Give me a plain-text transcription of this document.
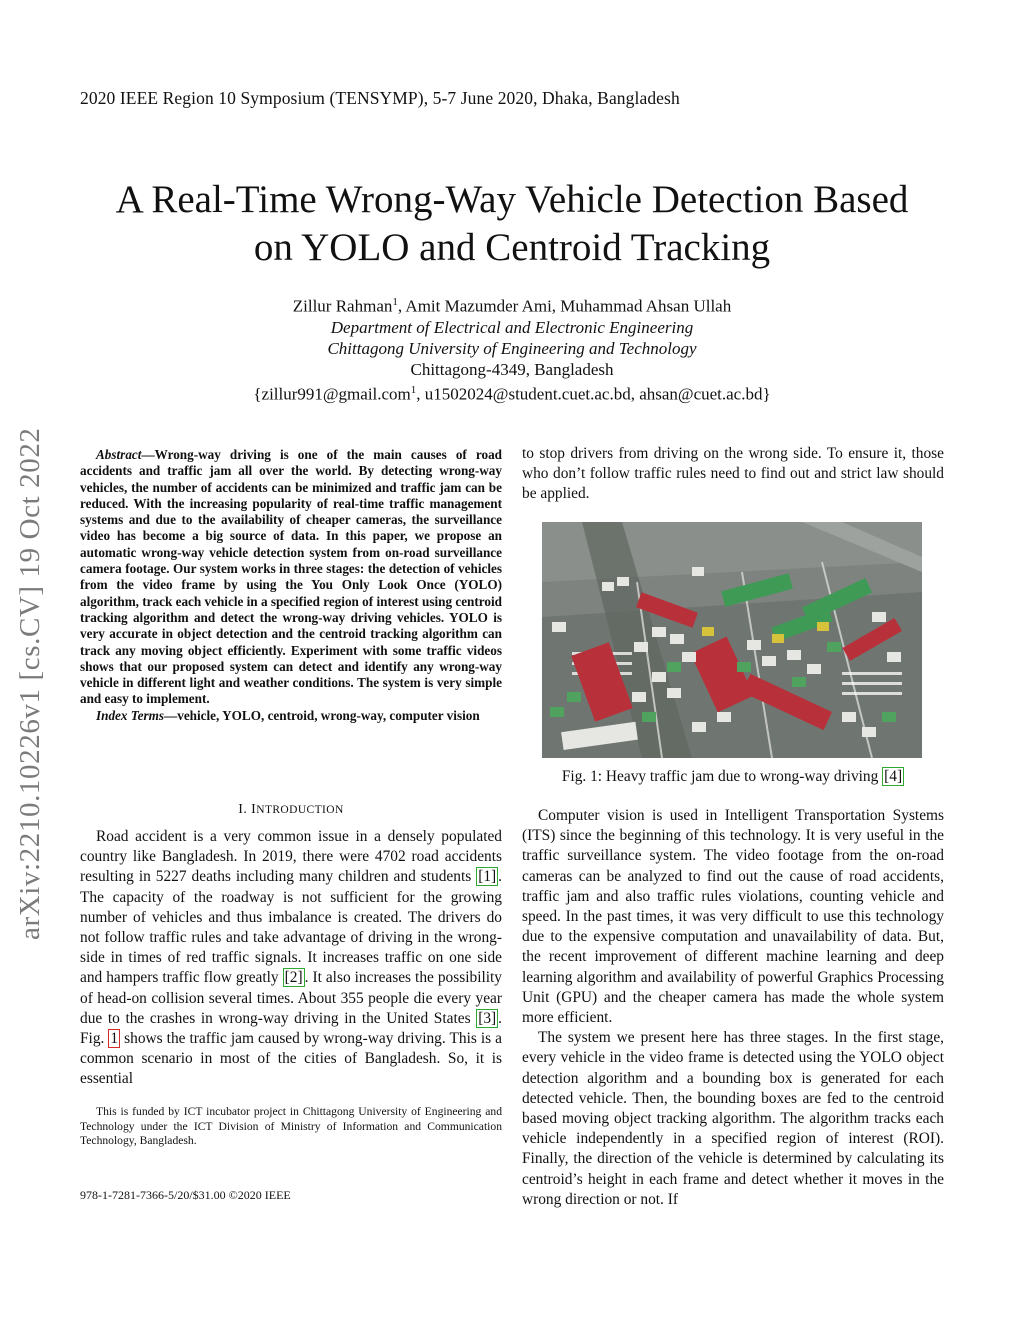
2020 IEEE Region 10 Symposium (TENSYMP), 5-7 June 2020, Dhaka, Bangladesh
A Real-Time Wrong-Way Vehicle Detection Based
on YOLO and Centroid Tracking
Zillur Rahman$^1$, Amit Mazumder Ami, Muhammad Ahsan Ullah
Department of Electrical and Electronic Engineering
Chittagong University of Engineering and Technology
Chittagong-4349, Bangladesh
{zillur991@gmail.com$^1$, u1502024@student.cuet.ac.bd, ahsan@cuet.ac.bd}
arXiv:2210.10226v1 [cs.CV] 19 Oct 2022	Abstract—Wrong-way driving is one of the main causes of road accidents and traffic jam all over the world. By detecting wrong-way vehicles, the number of accidents can be minimized and traffic jam can be reduced. With the increasing popularity of real-time traffic management systems and due to the availability of cheaper cameras, the surveillance video has become a big source of data. In this paper, we propose an automatic wrong-way vehicle detection system from on-road surveillance camera footage. Our system works in three stages: the detection of vehicles from the video frame by using the You Only Look Once (YOLO) algorithm, track each vehicle in a specified region of interest using centroid tracking algorithm and detect the wrong-way driving vehicles. YOLO is very accurate in object detection and the centroid tracking algorithm can track any moving object efficiently. Experiment with some traffic videos shows that our proposed system can detect and identify any wrong-way vehicle in different light and weather conditions. The system is very simple and easy to implement.

Index Terms—vehicle, YOLO, centroid, wrong-way, computer vision

I. INTRODUCTION

Road accident is a very common issue in a densely populated country like Bangladesh. In 2019, there were 4702 road accidents resulting in 5227 deaths including many children and students [1] . The capacity of the roadway is not sufficient for the growing number of vehicles and thus imbalance is created. The drivers do not follow traffic rules and take advantage of driving in the wrong-side in times of red traffic signals. It increases traffic on one side and hampers traffic flow greatly [2] . It also increases the possibility of head-on collision several times. About 355 people die every year due to the crashes in wrong-way driving in the United States [3] . Fig. 1 shows the traffic jam caused by wrong-way driving. This is a common scenario in most of the cities of Bangladesh. So, it is essential

This is funded by ICT incubator project in Chittagong University of Engineering and Technology under the ICT Division of Ministry of Information and Communication Technology, Bangladesh.

978-1-7281-7366-5/20/$31.00 ©2020 IEEE

to stop drivers from driving on the wrong side. To ensure it, those who don’t follow traffic rules need to find out and strict law should be applied.

Fig. 1: Heavy traffic jam due to wrong-way driving [4]

Computer vision is used in Intelligent Transportation Systems (ITS) since the beginning of this technology. It is very useful in the traffic surveillance system. The video footage from the on-road cameras can be analyzed to find out the cause of road accidents, traffic jam and also traffic rules violations, counting vehicle and speed. In the past times, it was very difficult to use this technology due to the expensive computation and unavailability of data. But, the recent improvement of different machine learning and deep learning algorithm and availability of powerful Graphics Processing Unit (GPU) and the cheaper camera has made the whole system more efficient.

The system we present here has three stages. In the first stage, every vehicle in the video frame is detected using the YOLO object detection algorithm and a bounding box is generated for each detected vehicle. Then, the bounding boxes are fed to the centroid based moving object tracking algorithm. The algorithm tracks each vehicle independently in a specified region of interest (ROI). Finally, the direction of the vehicle is determined by calculating its centroid’s height in each frame and detect whether it moves in the wrong direction or not. If
